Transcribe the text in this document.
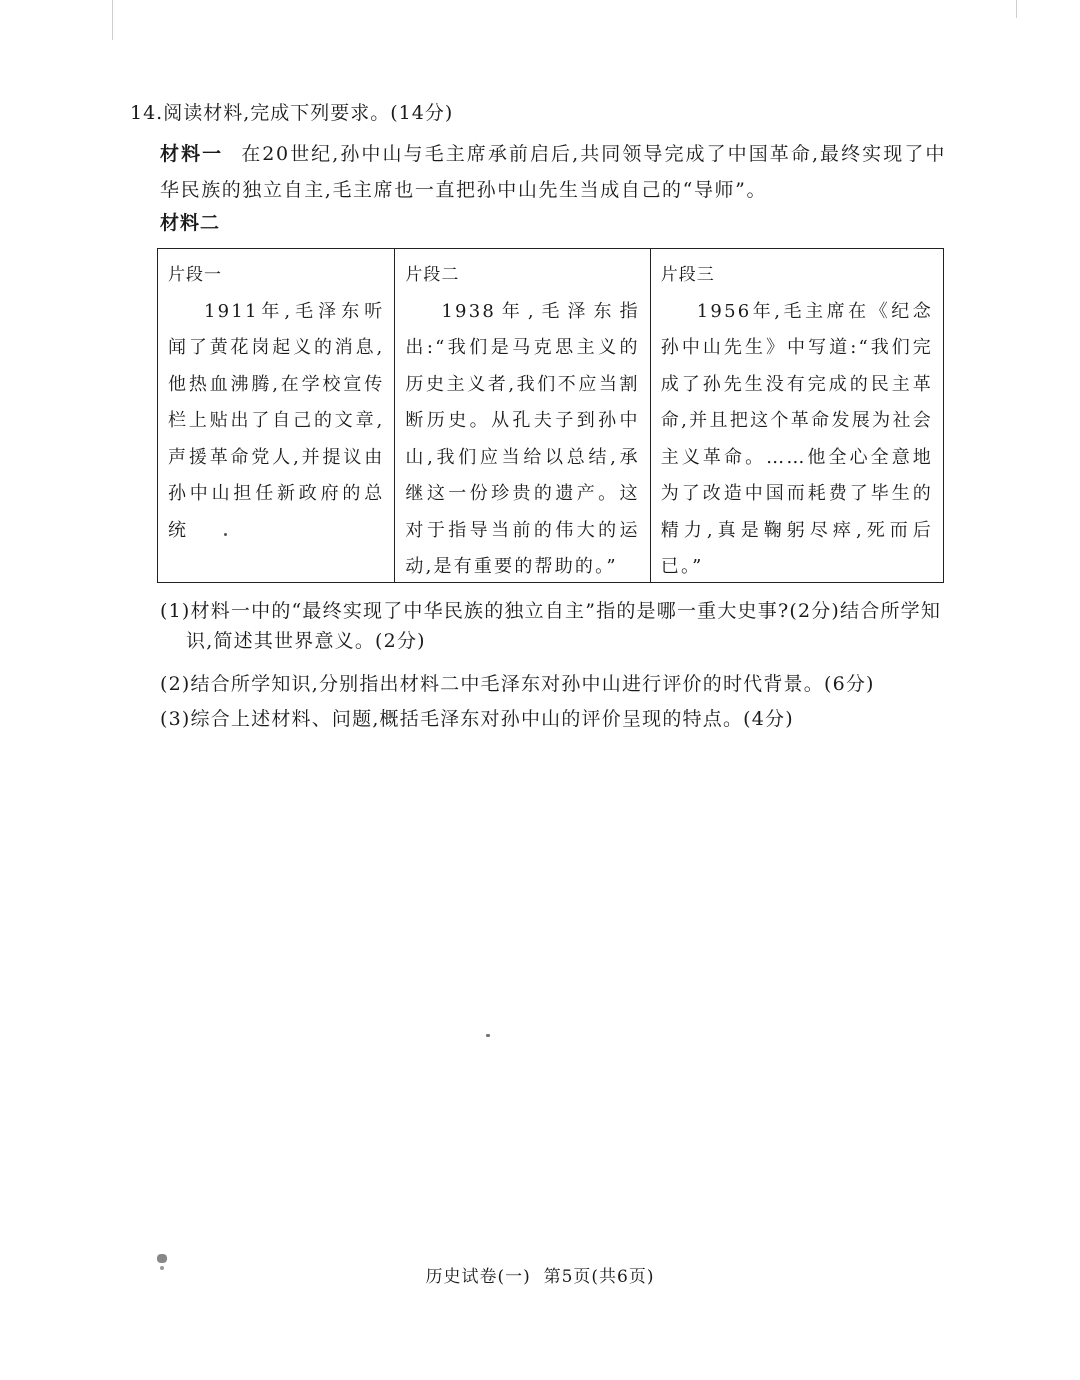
14.阅读材料,完成下列要求。(14分)
材料一 在20世纪,孙中山与毛主席承前启后,共同领导完成了中国革命,最终实现了中华民族的独立自主,毛主席也一直把孙中山先生当成自己的“导师”。
材料二
片段一
1911年,毛泽东听闻了黄花岗起义的消息,他热血沸腾,在学校宣传栏上贴出了自己的文章,声援革命党人,并提议由孙中山担任新政府的总统
片段二
1938年,毛泽东指出:“我们是马克思主义的历史主义者,我们不应当割断历史。从孔夫子到孙中山,我们应当给以总结,承继这一份珍贵的遗产。这对于指导当前的伟大的运动,是有重要的帮助的。”
片段三
1956年,毛主席在《纪念孙中山先生》中写道:“我们完成了孙先生没有完成的民主革命,并且把这个革命发展为社会主义革命。……他全心全意地为了改造中国而耗费了毕生的精力,真是鞠躬尽瘁,死而后已。”
(1)材料一中的“最终实现了中华民族的独立自主”指的是哪一重大史事?(2分)结合所学知
识,简述其世界意义。(2分)
(2)结合所学知识,分别指出材料二中毛泽东对孙中山进行评价的时代背景。(6分)
(3)综合上述材料、问题,概括毛泽东对孙中山的评价呈现的特点。(4分)
历史试卷(一)  第5页(共6页)
